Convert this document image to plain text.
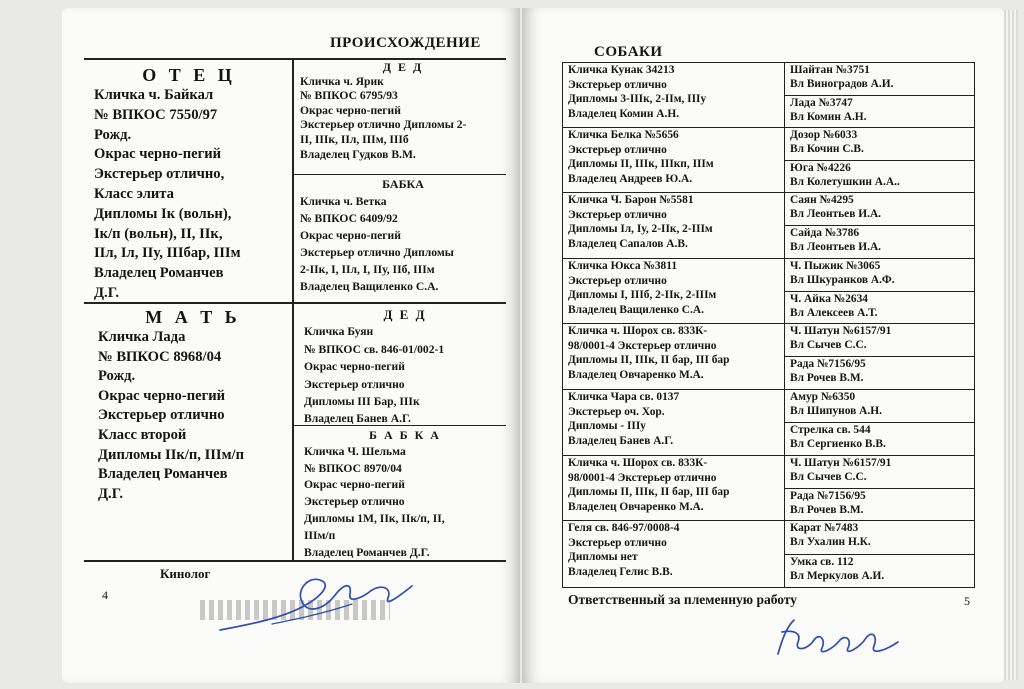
ПРОИСХОЖДЕНИЕ
О Т Е Ц
Кличка ч. Байкал
№ ВПКОС 7550/97
Рожд.
Окрас черно-пегий
Экстерьер отлично,
Класс элита
Дипломы Iк (вольн),
Iк/п (вольн), II, IIк,
IIл, Iл, IIу, IIIбар, IIIм
Владелец Романчев
Д.Г.
М А Т Ь
Кличка Лада
№ ВПКОС 8968/04
Рожд.
Окрас черно-пегий
Экстерьер отлично
Класс второй
Дипломы IIк/п, IIIм/п
Владелец Романчев
Д.Г.
Д Е Д
Кличка ч. Ярик
№ ВПКОС 6795/93
Окрас черно-пегий
Экстерьер отлично Дипломы 2-
II, IIIк, IIл, IIIм, IIIб
Владелец Гудков В.М.
БАБКА
Кличка ч. Ветка
№ ВПКОС 6409/92
Окрас черно-пегий
Экстерьер отлично Дипломы
2-IIк, I, IIл, I, IIу, IIб, IIIм
Владелец Ващиленко С.А.
Д Е Д
Кличка Буян
№ ВПКОС св. 846-01/002-1
Окрас черно-пегий
Экстерьер отлично
Дипломы III Бар, IIIк
Владелец Банев А.Г.
Б А Б К А
Кличка Ч. Шельма
№ ВПКОС 8970/04
Окрас черно-пегий
Экстерьер отлично
Дипломы 1М, IIк, IIк/п, II,
IIIм/п
Владелец Романчев Д.Г.
Кинолог
4
СОБАКИ
Кличка Кунак 34213
Экстерьер отлично
Дипломы 3-IIIк, 2-IIм, IIIу
Владелец Комин А.Н.
Шайтан №3751
Вл Виноградов А.И.
Лада №3747
Вл Комин А.Н.
Кличка Белка №5656
Экстерьер отлично
Дипломы II, IIIк, IIIкп, IIIм
Владелец Андреев Ю.А.
Дозор №6033
Вл Кочин С.В.
Юга №4226
Вл Колетушкин А.А..
Кличка Ч. Барон №5581
Экстерьер отлично
Дипломы Iл, Iу, 2-IIк, 2-IIIм
Владелец Сапалов А.В.
Саян №4295
Вл Леонтьев И.А.
Сайда №3786
Вл Леонтьев И.А.
Кличка Юкса №3811
Экстерьер отлично
Дипломы I, IIIб, 2-IIк, 2-IIIм
Владелец Ващиленко С.А.
Ч. Пыжик №3065
Вл Шкуранков А.Ф.
Ч. Айка №2634
Вл Алексеев А.Т.
Кличка ч. Шорох св. 833К-
98/0001-4 Экстерьер отлично
Дипломы II, IIIк, II бар, III бар
Владелец Овчаренко М.А.
Ч. Шатун №6157/91
Вл Сычев С.С.
Рада №7156/95
Вл Рочев В.М.
Кличка Чара св. 0137
Экстерьер оч. Хор.
Дипломы - IIIу
Владелец Банев А.Г.
Амур №6350
Вл Шипунов А.Н.
Стрелка св. 544
Вл Сергиенко В.В.
Кличка ч. Шорох св. 833К-
98/0001-4 Экстерьер отлично
Дипломы II, IIIк, II бар, III бар
Владелец Овчаренко М.А.
Ч. Шатун №6157/91
Вл Сычев С.С.
Рада №7156/95
Вл Рочев В.М.
Геля св. 846-97/0008-4
Экстерьер отлично
Дипломы нет
Владелец Гелис В.В.
Карат №7483
Вл Ухалин Н.К.
Умка св. 112
Вл Меркулов А.И.
Ответственный за племенную работу	5
